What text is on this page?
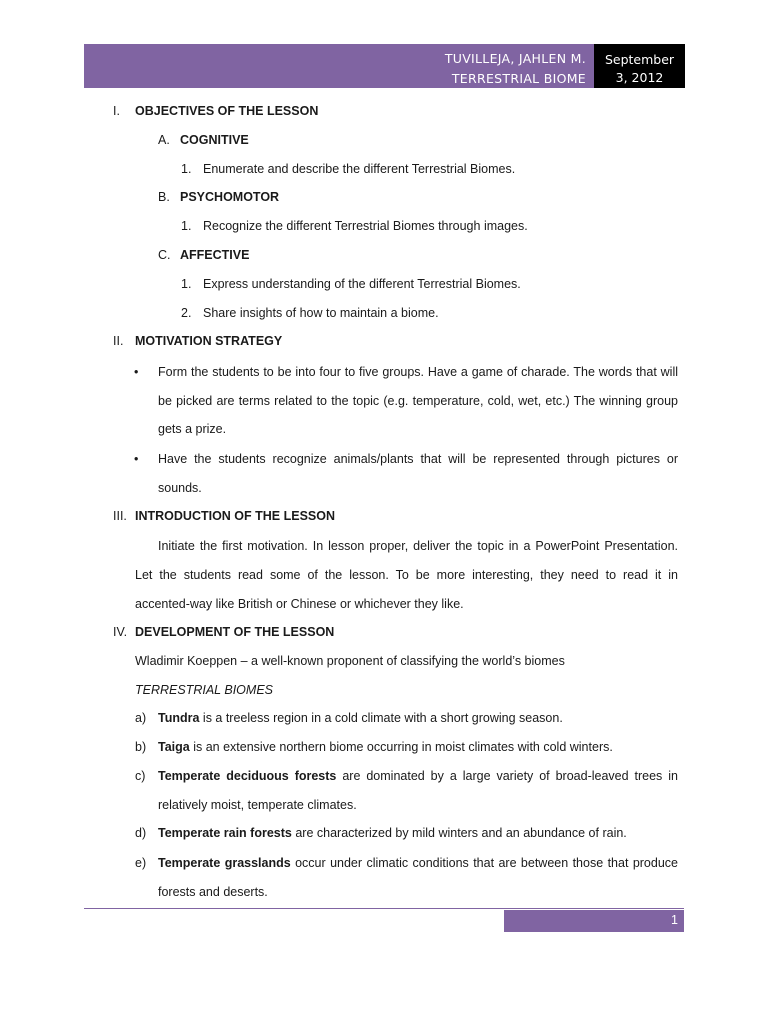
TUVILLEJA, JAHLEN M.
TERRESTRIAL BIOME
September
3, 2012
I. OBJECTIVES OF THE LESSON
A. COGNITIVE
1. Enumerate and describe the different Terrestrial Biomes.
B. PSYCHOMOTOR
1. Recognize the different Terrestrial Biomes through images.
C. AFFECTIVE
1. Express understanding of the different Terrestrial Biomes.
2. Share insights of how to maintain a biome.
II. MOTIVATION STRATEGY
• Form the students to be into four to five groups. Have a game of charade. The words that will
be picked are terms related to the topic (e.g. temperature, cold, wet, etc.) The winning group
gets a prize.
• Have the students recognize animals/plants that will be represented through pictures or
sounds.
III. INTRODUCTION OF THE LESSON
Initiate the first motivation. In lesson proper, deliver the topic in a PowerPoint Presentation.
Let the students read some of the lesson. To be more interesting, they need to read it in
accented-way like British or Chinese or whichever they like.
IV. DEVELOPMENT OF THE LESSON
Wladimir Koeppen – a well-known proponent of classifying the world’s biomes
TERRESTRIAL BIOMES
a) Tundra is a treeless region in a cold climate with a short growing season.
b) Taiga is an extensive northern biome occurring in moist climates with cold winters.
c) Temperate deciduous forests are dominated by a large variety of broad-leaved trees in
relatively moist, temperate climates.
d) Temperate rain forests are characterized by mild winters and an abundance of rain.
e) Temperate grasslands occur under climatic conditions that are between those that produce
forests and deserts.
1
